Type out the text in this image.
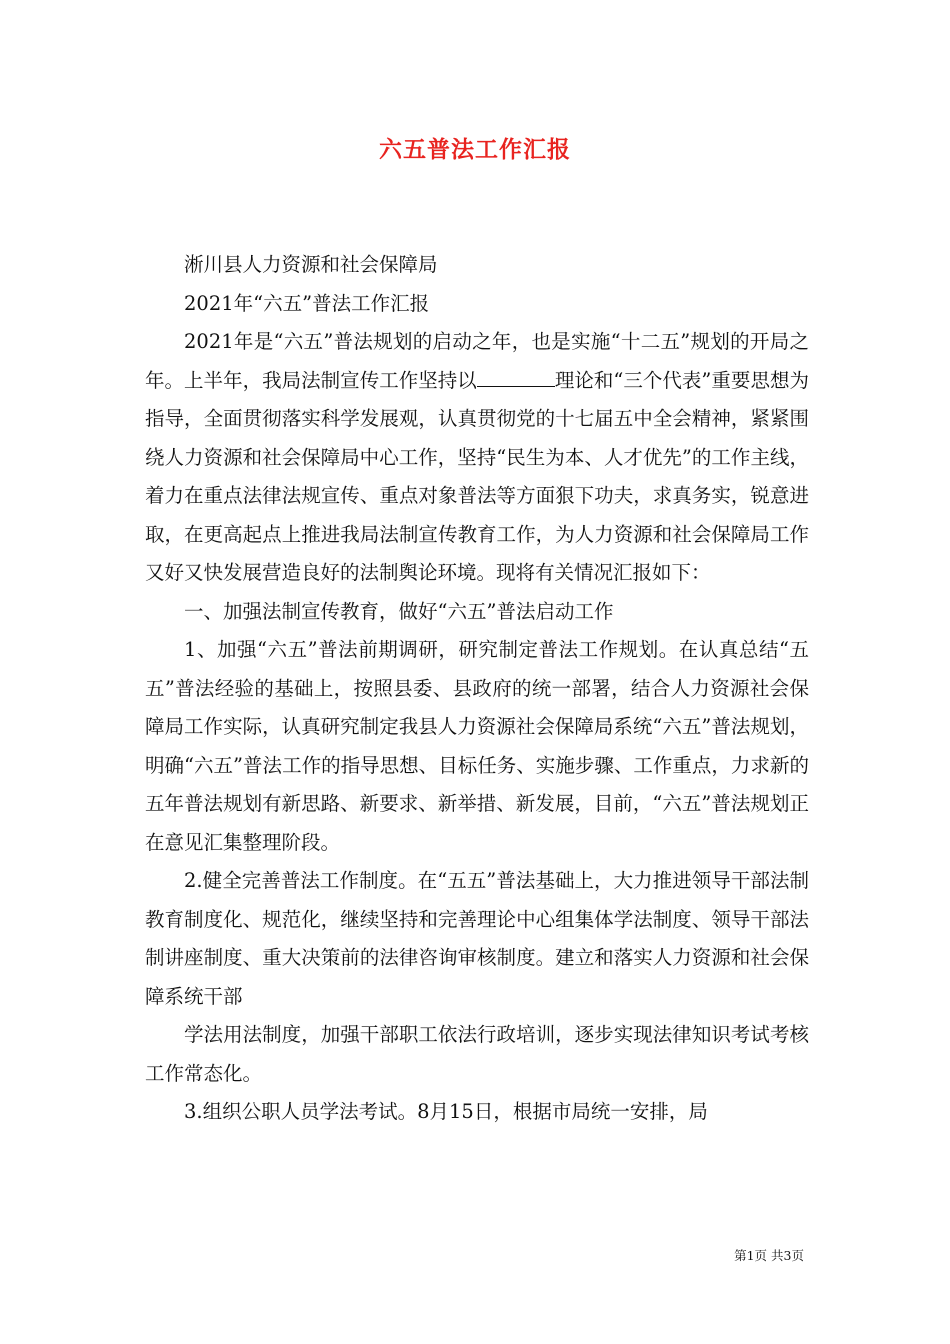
六五普法工作汇报

淅川县人力资源和社会保障局

2021年“六五”普法工作汇报

2021年是“六五”普法规划的启动之年，也是实施“十二五”规划的开局之年。上半年，我局法制宣传工作坚持以	理论和“三个代表”重要思想为指导，全面贯彻落实科学发展观，认真贯彻党的十七届五中全会精神，紧紧围绕人力资源和社会保障局中心工作，坚持“民生为本、人才优先”的工作主线，着力在重点法律法规宣传、重点对象普法等方面狠下功夫，求真务实，锐意进取，在更高起点上推进我局法制宣传教育工作，为人力资源和社会保障局工作又好又快发展营造良好的法制舆论环境。现将有关情况汇报如下：

一、加强法制宣传教育，做好“六五”普法启动工作

1、加强“六五”普法前期调研，研究制定普法工作规划。在认真总结“五五”普法经验的基础上，按照县委、县政府的统一部署，结合人力资源社会保障局工作实际，认真研究制定我县人力资源社会保障局系统“六五”普法规划，明确“六五”普法工作的指导思想、目标任务、实施步骤、工作重点，力求新的五年普法规划有新思路、新要求、新举措、新发展，目前，“六五”普法规划正在意见汇集整理阶段。

2.健全完善普法工作制度。在“五五”普法基础上，大力推进领导干部法制教育制度化、规范化，继续坚持和完善理论中心组集体学法制度、领导干部法制讲座制度、重大决策前的法律咨询审核制度。建立和落实人力资源和社会保障系统干部

学法用法制度，加强干部职工依法行政培训，逐步实现法律知识考试考核工作常态化。

3.组织公职人员学法考试。8月15日，根据市局统一安排，局

第1页 共3页
